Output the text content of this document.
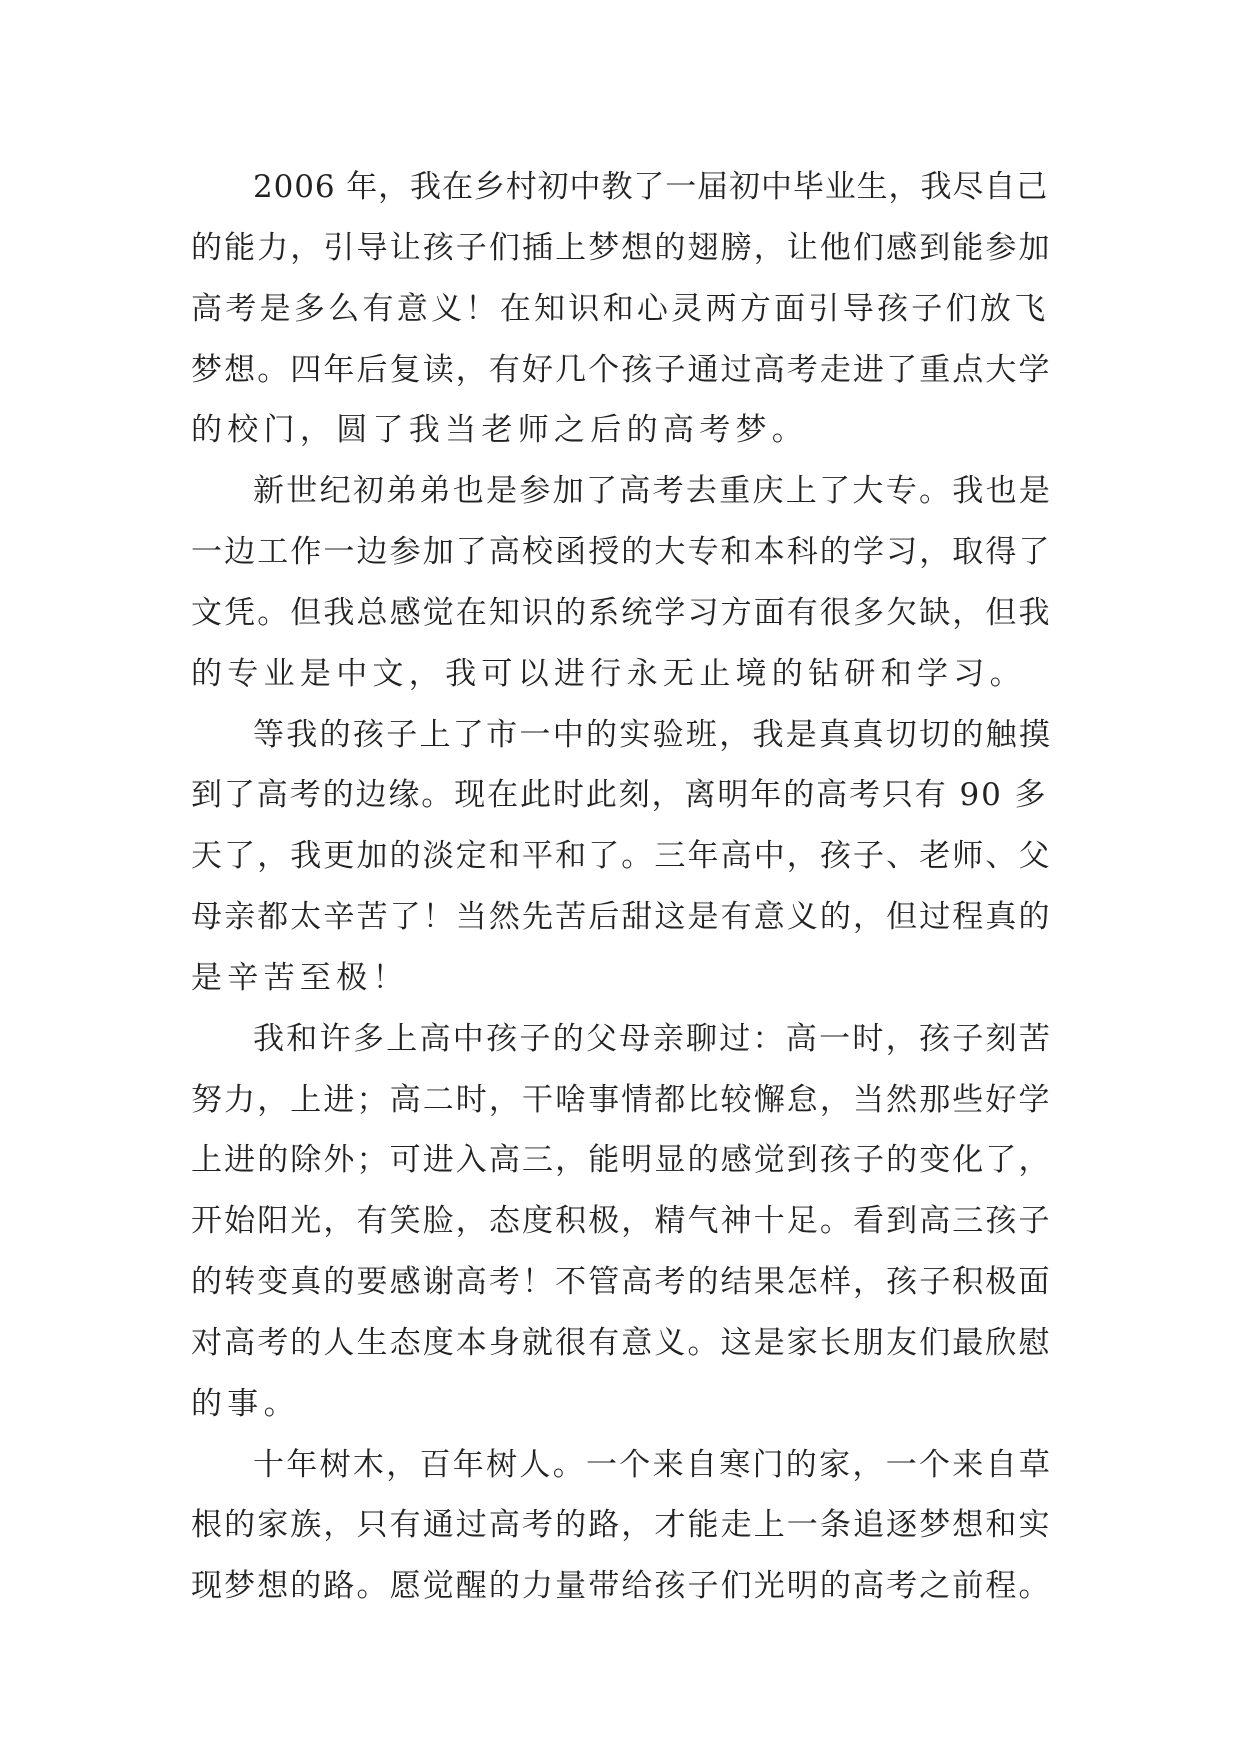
2006 年，我在乡村初中教了一届初中毕业生，我尽自己
的能力，引导让孩子们插上梦想的翅膀，让他们感到能参加
高考是多么有意义！在知识和心灵两方面引导孩子们放飞
梦想。四年后复读，有好几个孩子通过高考走进了重点大学
的校门，圆了我当老师之后的高考梦。
新世纪初弟弟也是参加了高考去重庆上了大专。我也是
一边工作一边参加了高校函授的大专和本科的学习，取得了
文凭。但我总感觉在知识的系统学习方面有很多欠缺，但我
的专业是中文，我可以进行永无止境的钻研和学习。
等我的孩子上了市一中的实验班，我是真真切切的触摸
到了高考的边缘。现在此时此刻，离明年的高考只有 90 多
天了，我更加的淡定和平和了。三年高中，孩子、老师、父
母亲都太辛苦了！当然先苦后甜这是有意义的，但过程真的
是辛苦至极！
我和许多上高中孩子的父母亲聊过：高一时，孩子刻苦
努力，上进；高二时，干啥事情都比较懈怠，当然那些好学
上进的除外；可进入高三，能明显的感觉到孩子的变化了，
开始阳光，有笑脸，态度积极，精气神十足。看到高三孩子
的转变真的要感谢高考！不管高考的结果怎样，孩子积极面
对高考的人生态度本身就很有意义。这是家长朋友们最欣慰
的事。
十年树木，百年树人。一个来自寒门的家，一个来自草
根的家族，只有通过高考的路，才能走上一条追逐梦想和实
现梦想的路。愿觉醒的力量带给孩子们光明的高考之前程。
